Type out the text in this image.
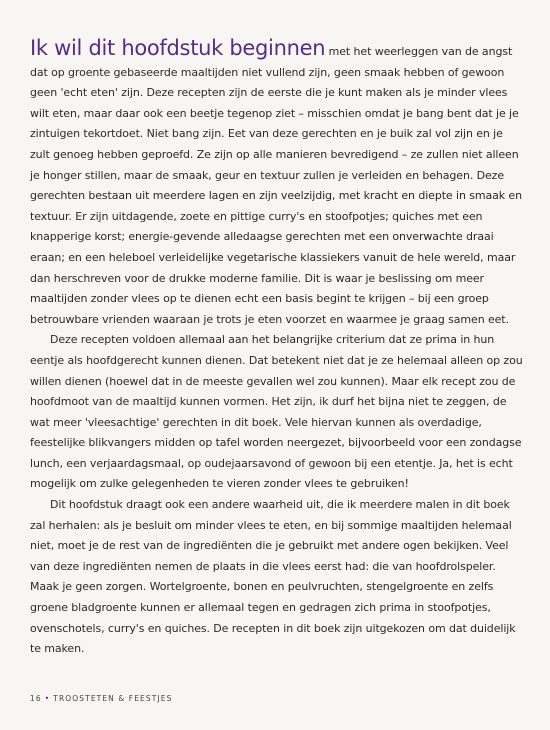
Ik wil dit hoofdstuk beginnen met het weerleggen van de angst dat op groente gebaseerde maaltijden niet vullend zijn, geen smaak hebben of gewoon geen 'echt eten' zijn. Deze recepten zijn de eerste die je kunt maken als je minder vlees wilt eten, maar daar ook een beetje tegenop ziet – misschien omdat je bang bent dat je je zintuigen tekortdoet. Niet bang zijn. Eet van deze gerechten en je buik zal vol zijn en je zult genoeg hebben geproefd. Ze zijn op alle manieren bevredigend – ze zullen niet alleen je honger stillen, maar de smaak, geur en textuur zullen je verleiden en behagen. Deze gerechten bestaan uit meerdere lagen en zijn veelzijdig, met kracht en diepte in smaak en textuur. Er zijn uitdagende, zoete en pittige curry's en stoofpotjes; quiches met een knapperige korst; energie-gevende alledaagse gerechten met een onverwachte draai eraan; en een heleboel verleidelijke vegetarische klassiekers vanuit de hele wereld, maar dan herschreven voor de drukke moderne familie. Dit is waar je beslissing om meer maaltijden zonder vlees op te dienen echt een basis begint te krijgen – bij een groep betrouwbare vrienden waaraan je trots je eten voorzet en waarmee je graag samen eet.

Deze recepten voldoen allemaal aan het belangrijke criterium dat ze prima in hun eentje als hoofdgerecht kunnen dienen. Dat betekent niet dat je ze helemaal alleen op zou willen dienen (hoewel dat in de meeste gevallen wel zou kunnen). Maar elk recept zou de hoofdmoot van de maaltijd kunnen vormen. Het zijn, ik durf het bijna niet te zeggen, de wat meer 'vleesachtige' gerechten in dit boek. Vele hiervan kunnen als overdadige, feestelijke blikvangers midden op tafel worden neergezet, bijvoorbeeld voor een zondagse lunch, een verjaardagsmaal, op oudejaarsavond of gewoon bij een etentje. Ja, het is echt mogelijk om zulke gelegenheden te vieren zonder vlees te gebruiken!

Dit hoofdstuk draagt ook een andere waarheid uit, die ik meerdere malen in dit boek zal herhalen: als je besluit om minder vlees te eten, en bij sommige maaltijden helemaal niet, moet je de rest van de ingrediënten die je gebruikt met andere ogen bekijken. Veel van deze ingrediënten nemen de plaats in die vlees eerst had: die van hoofdrolspeler. Maak je geen zorgen. Wortelgroente, bonen en peulvruchten, stengelgroente en zelfs groene bladgroente kunnen er allemaal tegen en gedragen zich prima in stoofpotjes, ovenschotels, curry's en quiches. De recepten in dit boek zijn uitgekozen om dat duidelijk te maken.

16 • TROOSTETEN & FEESTJES
